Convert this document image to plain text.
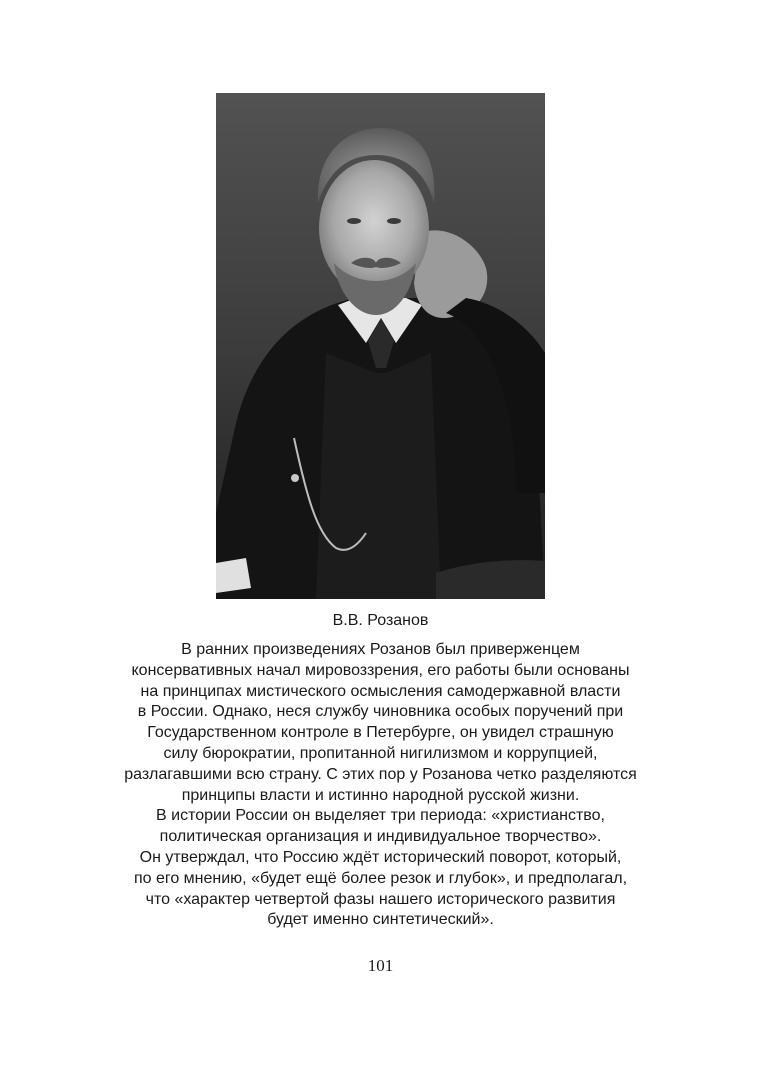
В.В. Розанов

В ранних произведениях Розанов был приверженцем
консервативных начал мировоззрения, его работы были основаны
на принципах мистического осмысления самодержавной власти
в России. Однако, неся службу чиновника особых поручений при
Государственном контроле в Петербурге, он увидел страшную
силу бюрократии, пропитанной нигилизмом и коррупцией,
разлагавшими всю страну. С этих пор у Розанова четко разделяются
принципы власти и истинно народной русской жизни.
В истории России он выделяет три периода: «христианство,
политическая организация и индивидуальное творчество».
Он утверждал, что Россию ждёт исторический поворот, который,
по его мнению, «будет ещё более резок и глубок», и предполагал,
что «характер четвертой фазы нашего исторического развития
будет именно синтетический».

101
